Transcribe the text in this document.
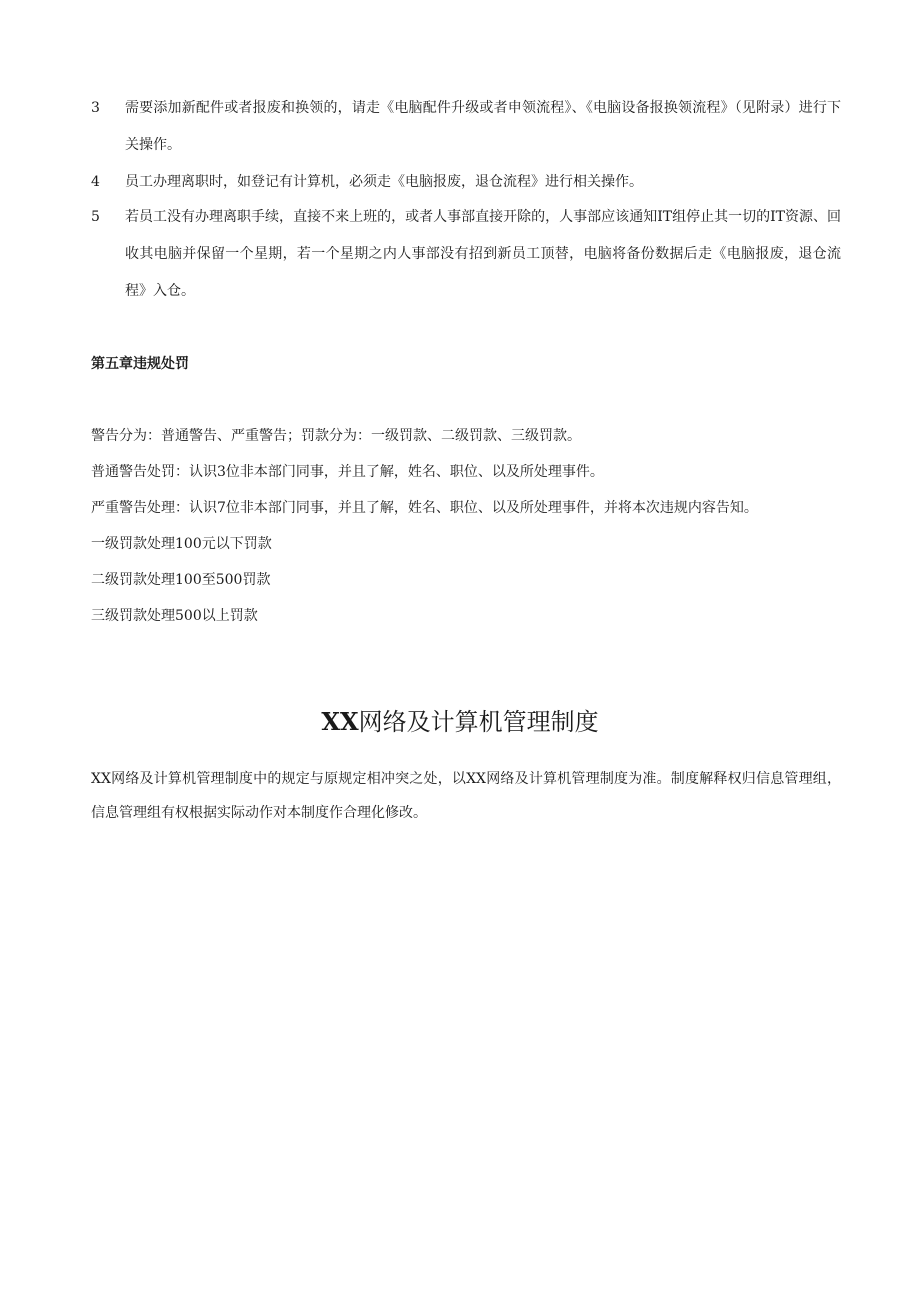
3	需要添加新配件或者报废和换领的，请走《电脑配件升级或者申领流程》、《电脑设备报换领流程》（见附录）进行下关操作。
4	员工办理离职时，如登记有计算机，必须走《电脑报废，退仓流程》进行相关操作。
5	若员工没有办理离职手续，直接不来上班的，或者人事部直接开除的，人事部应该通知IT组停止其一切的IT资源、回收其电脑并保留一个星期，若一个星期之内人事部没有招到新员工顶替，电脑将备份数据后走《电脑报废，退仓流程》入仓。
第五章违规处罚
警告分为：普通警告、严重警告；罚款分为：一级罚款、二级罚款、三级罚款。
普通警告处罚：认识3位非本部门同事，并且了解，姓名、职位、以及所处理事件。
严重警告处理：认识7位非本部门同事，并且了解，姓名、职位、以及所处理事件，并将本次违规内容告知。
一级罚款处理100元以下罚款
二级罚款处理100至500罚款
三级罚款处理500以上罚款
XX网络及计算机管理制度
XX网络及计算机管理制度中的规定与原规定相冲突之处，以XX网络及计算机管理制度为准。制度解释权归信息管理组，信息管理组有权根据实际动作对本制度作合理化修改。
